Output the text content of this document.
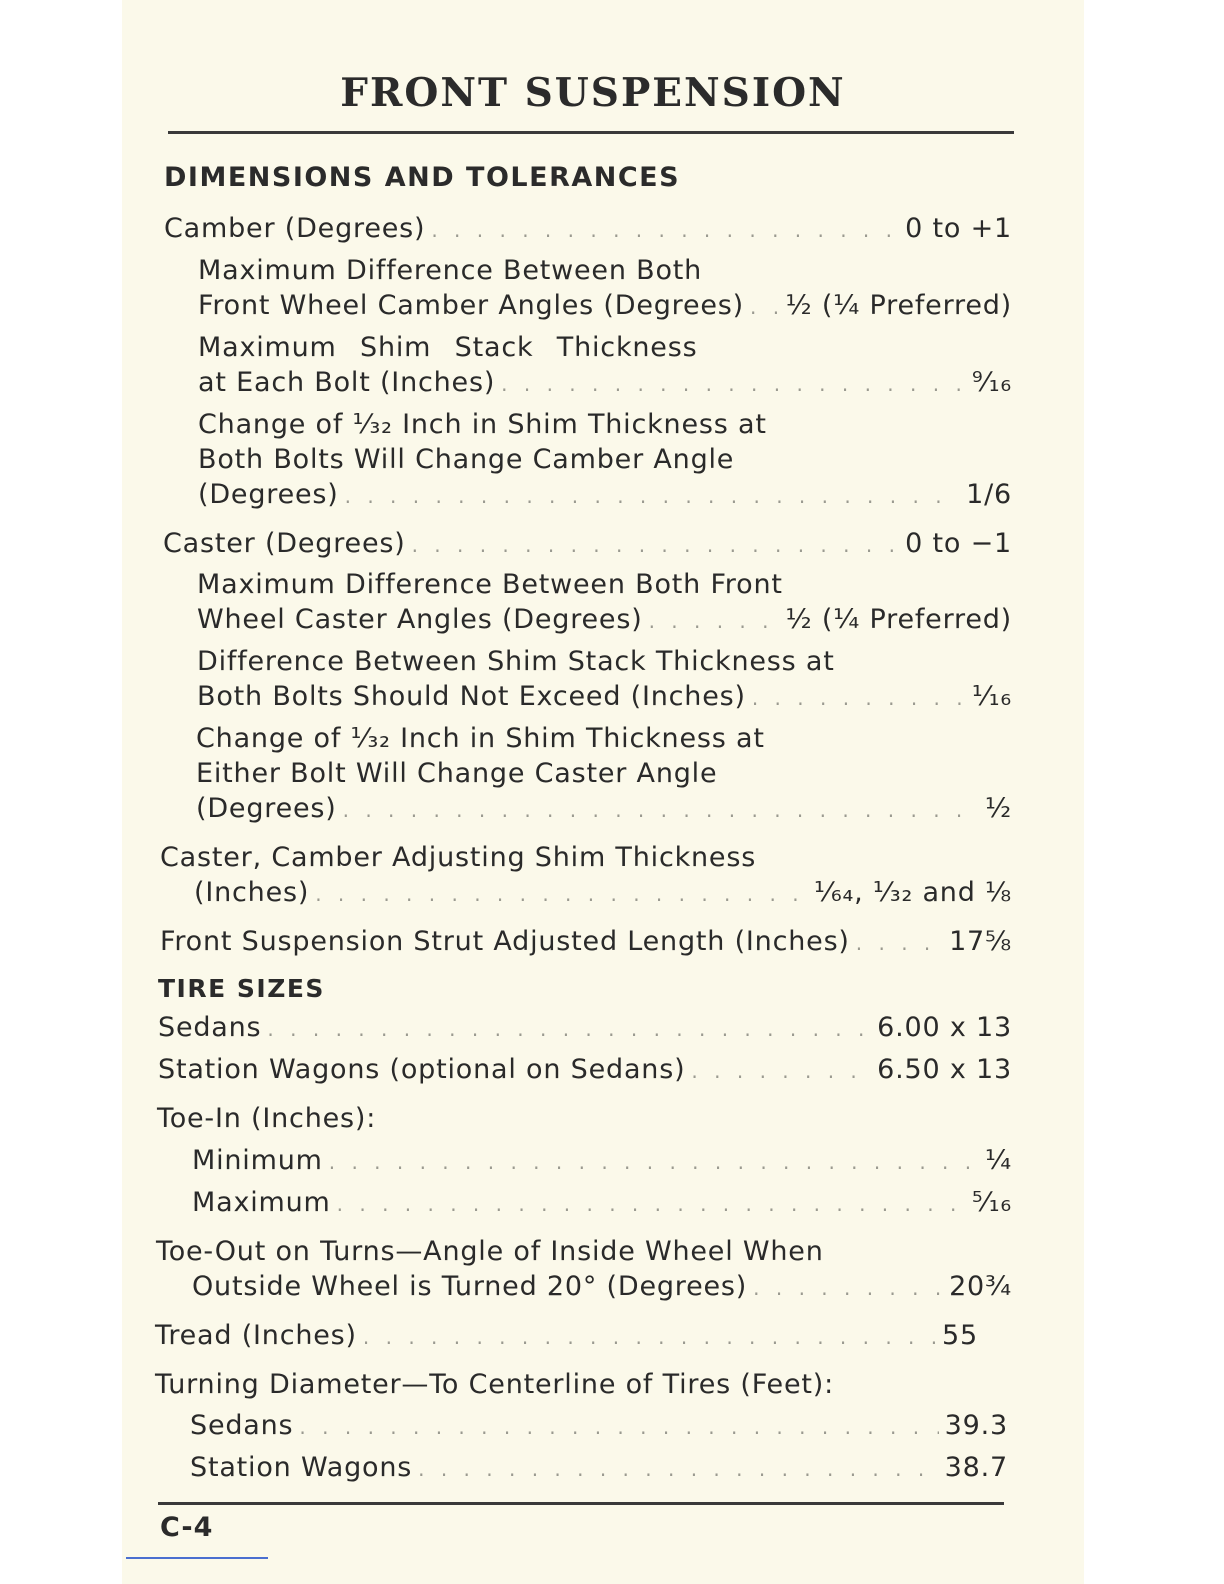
FRONT SUSPENSION
DIMENSIONS AND TOLERANCES
Camber (Degrees) . . .	0 to +1
Maximum Difference Between Both
Front Wheel Camber Angles (Degrees) . . . ½ (¼ Preferred)
Maximum Shim Stack Thickness
at Each Bolt (Inches) . . .	⁹⁄₁₆
Change of ¹⁄₃₂ Inch in Shim Thickness at
Both Bolts Will Change Camber Angle
(Degrees) . . .	1/6
Caster (Degrees) . . .	0 to −1
Maximum Difference Between Both Front
Wheel Caster Angles (Degrees) . . .	½ (¼ Preferred)
Difference Between Shim Stack Thickness at
Both Bolts Should Not Exceed (Inches) . . .	¹⁄₁₆
Change of ¹⁄₃₂ Inch in Shim Thickness at
Either Bolt Will Change Caster Angle
(Degrees) . . .	½
Caster, Camber Adjusting Shim Thickness
(Inches) . . .	¹⁄₆₄, ¹⁄₃₂ and ⅛
Front Suspension Strut Adjusted Length (Inches) . . .	17⅝
TIRE SIZES
Sedans . . .	6.00 x 13
Station Wagons (optional on Sedans) . . .	6.50 x 13
Toe-In (Inches):
Minimum . . .	¼
Maximum . . .	⁵⁄₁₆
Toe-Out on Turns—Angle of Inside Wheel When
Outside Wheel is Turned 20° (Degrees) . . .	20¾
Tread (Inches) . . .	55
Turning Diameter—To Centerline of Tires (Feet):
Sedans . . .	39.3
Station Wagons . . .	38.7
C-4
